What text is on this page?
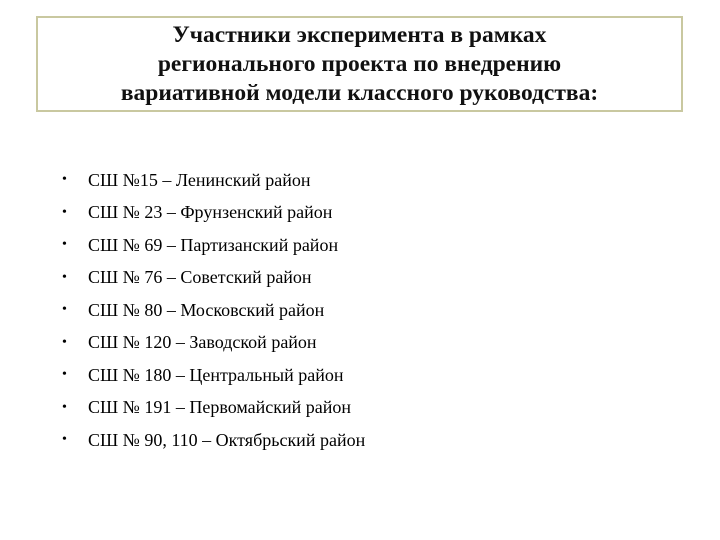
Участники эксперимента в рамках
регионального проекта по внедрению
вариативной модели классного руководства:
•	СШ №15 – Ленинский район
•	СШ № 23 – Фрунзенский район
•	СШ № 69 – Партизанский район
•	СШ № 76 – Советский район
•	СШ № 80 – Московский район
•	СШ № 120 – Заводской район
•	СШ № 180 – Центральный район
•	СШ № 191 – Первомайский район
•	СШ № 90, 110 – Октябрьский район
